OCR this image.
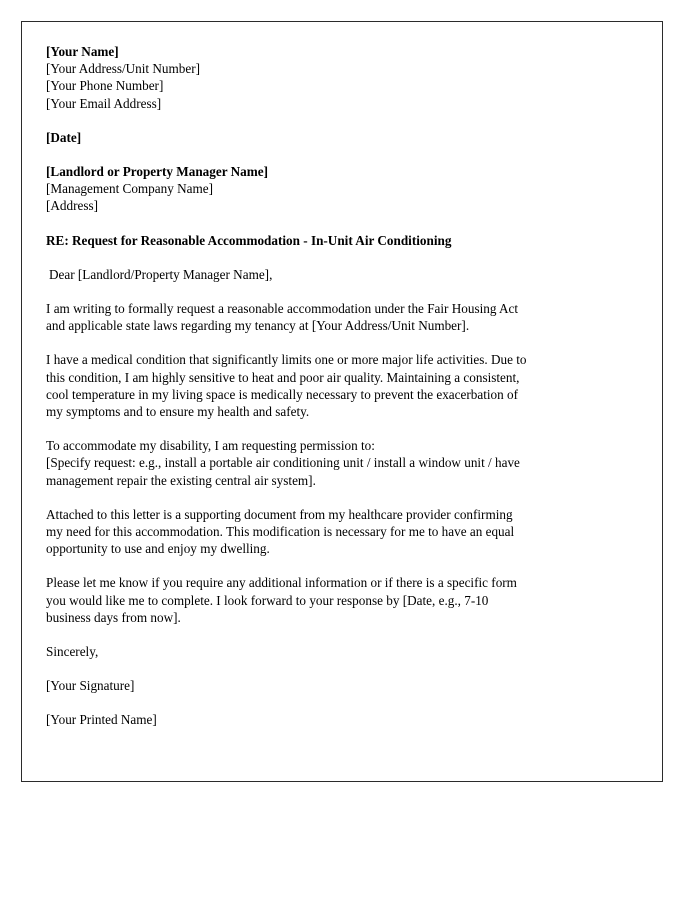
[Your Name]
[Your Address/Unit Number]
[Your Phone Number]
[Your Email Address]
[Date]
[Landlord or Property Manager Name]
[Management Company Name]
[Address]
RE: Request for Reasonable Accommodation - In-Unit Air Conditioning
Dear [Landlord/Property Manager Name],
I am writing to formally request a reasonable accommodation under the Fair Housing Act
and applicable state laws regarding my tenancy at [Your Address/Unit Number].
I have a medical condition that significantly limits one or more major life activities. Due to
this condition, I am highly sensitive to heat and poor air quality. Maintaining a consistent,
cool temperature in my living space is medically necessary to prevent the exacerbation of
my symptoms and to ensure my health and safety.
To accommodate my disability, I am requesting permission to:
[Specify request: e.g., install a portable air conditioning unit / install a window unit / have
management repair the existing central air system].
Attached to this letter is a supporting document from my healthcare provider confirming
my need for this accommodation. This modification is necessary for me to have an equal
opportunity to use and enjoy my dwelling.
Please let me know if you require any additional information or if there is a specific form
you would like me to complete. I look forward to your response by [Date, e.g., 7-10
business days from now].
Sincerely,
[Your Signature]
[Your Printed Name]
